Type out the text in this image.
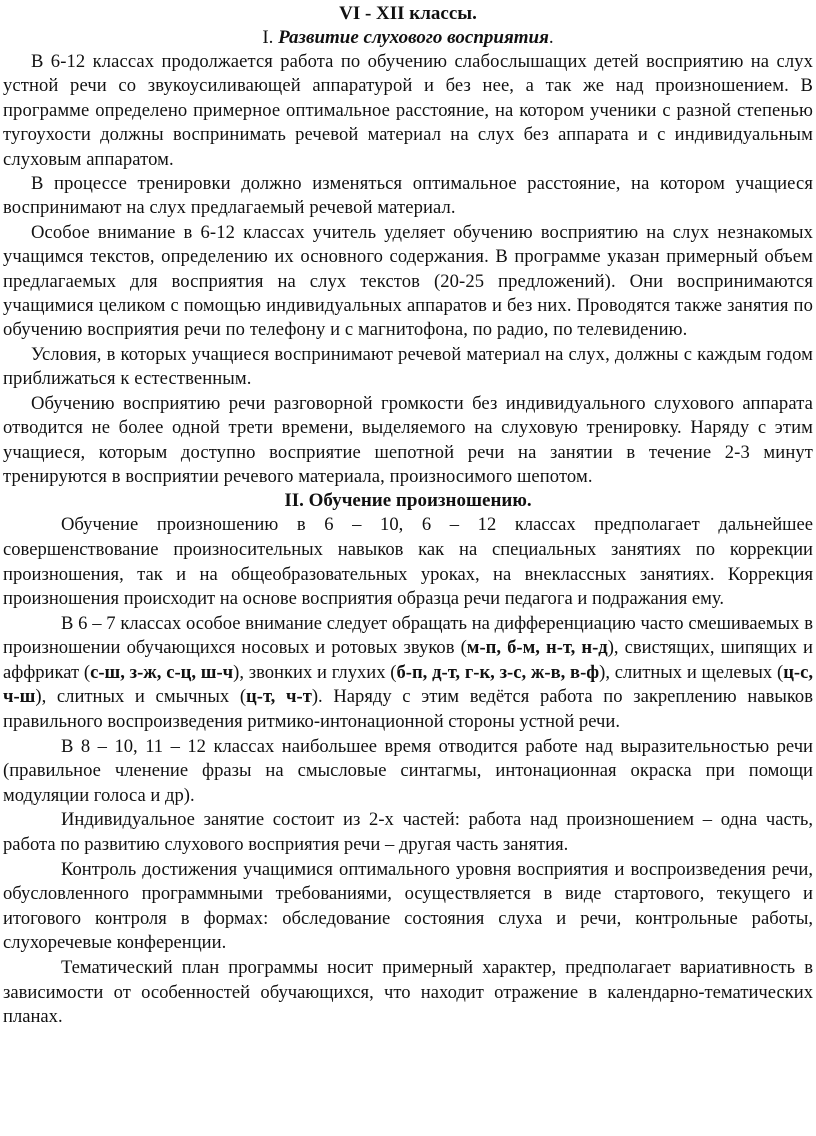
VI - XII классы.
I. Развитие слухового восприятия.

В 6-12 классах продолжается работа по обучению слабослышащих детей восприятию на слух устной речи со звукоусиливающей аппаратурой и без нее, а так же над произношением. В программе определено примерное оптимальное расстояние, на котором ученики с разной степенью тугоухости должны воспринимать речевой материал на слух без аппарата и с индивидуальным слуховым аппаратом.

В процессе тренировки должно изменяться оптимальное расстояние, на котором учащиеся воспринимают на слух предлагаемый речевой материал.

Особое внимание в 6-12 классах учитель уделяет обучению восприятию на слух незнакомых учащимся текстов, определению их основного содержания. В программе указан примерный объем предлагаемых для восприятия на слух текстов (20-25 предложений). Они воспринимаются учащимися целиком с помощью индивидуальных аппаратов и без них. Проводятся также занятия по обучению восприятия речи по телефону и с магнитофона, по радио, по телевидению.

Условия, в которых учащиеся воспринимают речевой материал на слух, должны с каждым годом приближаться к естественным.

Обучению восприятию речи разговорной громкости без индивидуального слухового аппарата отводится не более одной трети времени, выделяемого на слуховую тренировку. Наряду с этим учащиеся, которым доступно восприятие шепотной речи на занятии в течение 2-3 минут тренируются в восприятии речевого материала, произносимого шепотом.

II. Обучение произношению.

Обучение произношению в 6 – 10, 6 – 12 классах предполагает дальнейшее совершенствование произносительных навыков как на специальных занятиях по коррекции произношения, так и на общеобразовательных уроках, на внеклассных занятиях. Коррекция произношения происходит на основе восприятия образца речи педагога и подражания ему.

В 6 – 7 классах особое внимание следует обращать на дифференциацию часто смешиваемых в произношении обучающихся носовых и ротовых звуков (м-п, б-м, н-т, н-д), свистящих, шипящих и аффрикат (с-ш, з-ж, с-ц, ш-ч), звонких и глухих (б-п, д-т, г-к, з-с, ж-в, в-ф), слитных и щелевых (ц-с, ч-ш), слитных и смычных (ц-т, ч-т). Наряду с этим ведётся работа по закреплению навыков правильного воспроизведения ритмико-интонационной стороны устной речи.

В 8 – 10, 11 – 12 классах наибольшее время отводится работе над выразительностью речи (правильное членение фразы на смысловые синтагмы, интонационная окраска при помощи модуляции голоса и др).

Индивидуальное занятие состоит из 2-х частей: работа над произношением – одна часть, работа по развитию слухового восприятия речи – другая часть занятия.

Контроль достижения учащимися оптимального уровня восприятия и воспроизведения речи, обусловленного программными требованиями, осуществляется в виде стартового, текущего и итогового контроля в формах: обследование состояния слуха и речи, контрольные работы, слухоречевые конференции.

Тематический план программы носит примерный характер, предполагает вариативность в зависимости от особенностей обучающихся, что находит отражение в календарно-тематических планах.
